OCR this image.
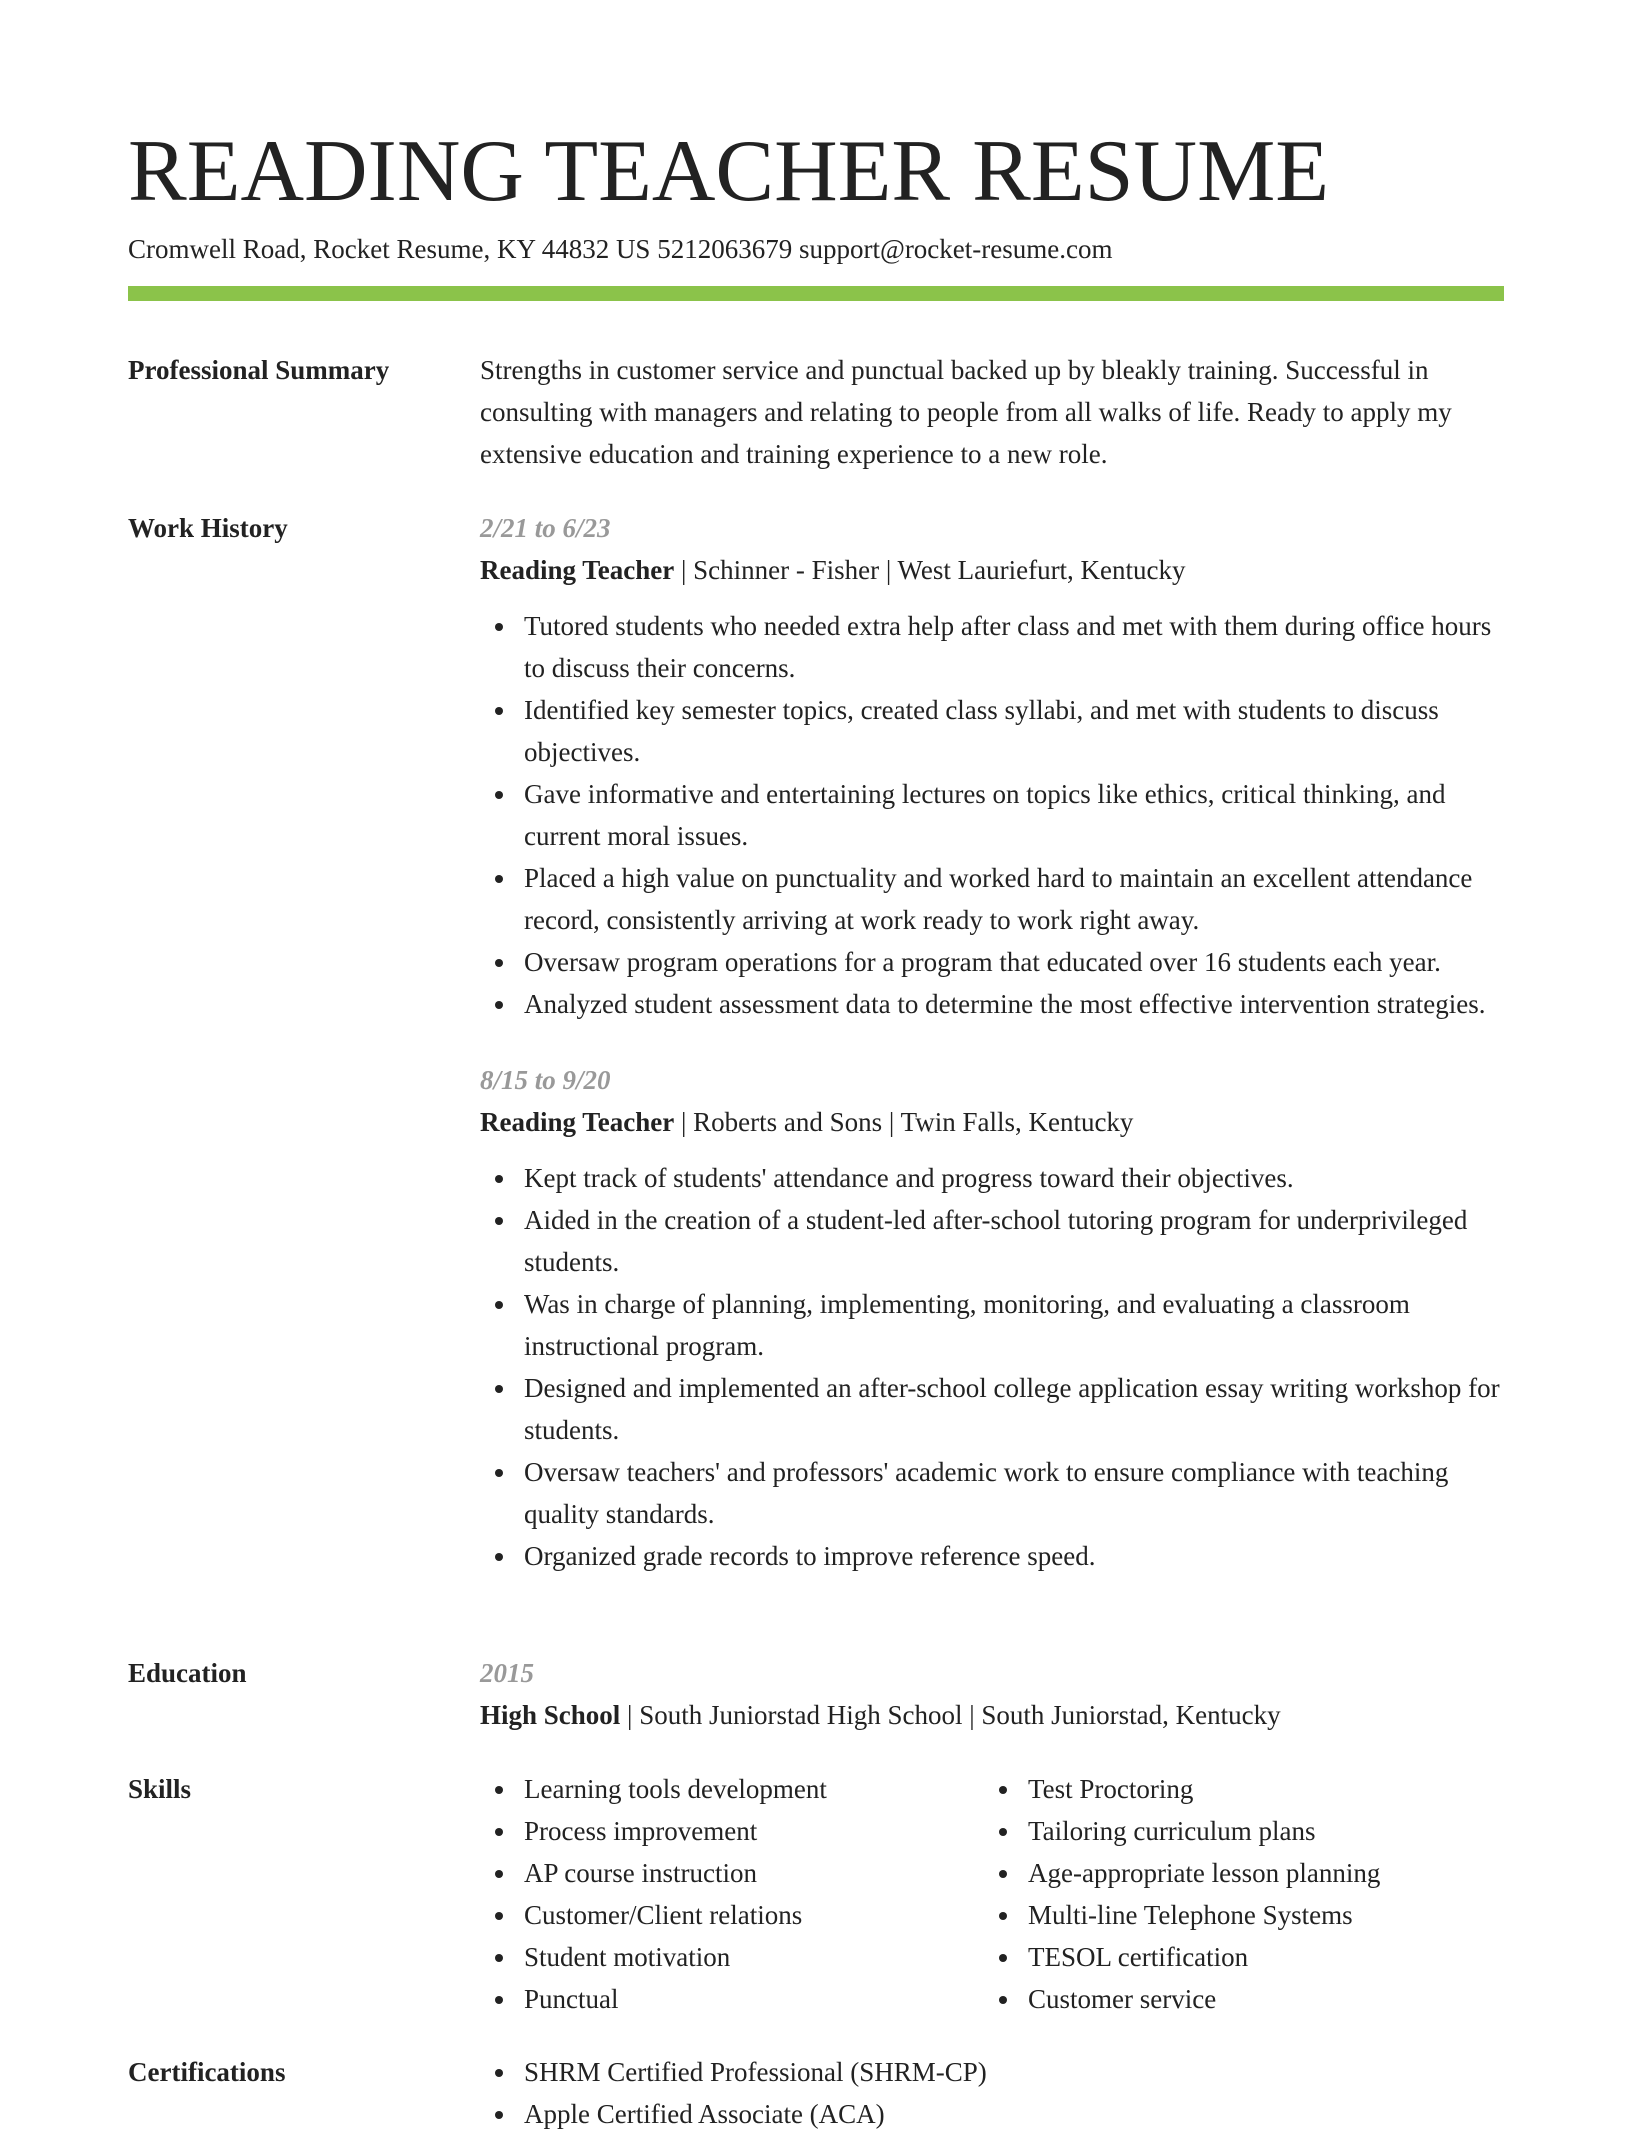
READING TEACHER RESUME
Cromwell Road, Rocket Resume, KY 44832 US 5212063679 support@rocket-resume.com
Professional Summary	Strengths in customer service and punctual backed up by bleakly training. Successful in consulting with managers and relating to people from all walks of life. Ready to apply my extensive education and training experience to a new role.
Work History	2/21 to 6/23
Reading Teacher | Schinner - Fisher | West Lauriefurt, Kentucky
Tutored students who needed extra help after class and met with them during office hours to discuss their concerns.
Identified key semester topics, created class syllabi, and met with students to discuss objectives.
Gave informative and entertaining lectures on topics like ethics, critical thinking, and current moral issues.
Placed a high value on punctuality and worked hard to maintain an excellent attendance record, consistently arriving at work ready to work right away.
Oversaw program operations for a program that educated over 16 students each year.
Analyzed student assessment data to determine the most effective intervention strategies.
8/15 to 9/20
Reading Teacher | Roberts and Sons | Twin Falls, Kentucky
Kept track of students' attendance and progress toward their objectives.
Aided in the creation of a student-led after-school tutoring program for underprivileged students.
Was in charge of planning, implementing, monitoring, and evaluating a classroom instructional program.
Designed and implemented an after-school college application essay writing workshop for students.
Oversaw teachers' and professors' academic work to ensure compliance with teaching quality standards.
Organized grade records to improve reference speed.
Education	2015
High School | South Juniorstad High School | South Juniorstad, Kentucky
Skills	Learning tools development
Process improvement
AP course instruction
Customer/Client relations
Student motivation
Punctual
Test Proctoring
Tailoring curriculum plans
Age-appropriate lesson planning
Multi-line Telephone Systems
TESOL certification
Customer service
Certifications	SHRM Certified Professional (SHRM-CP)
Apple Certified Associate (ACA)
